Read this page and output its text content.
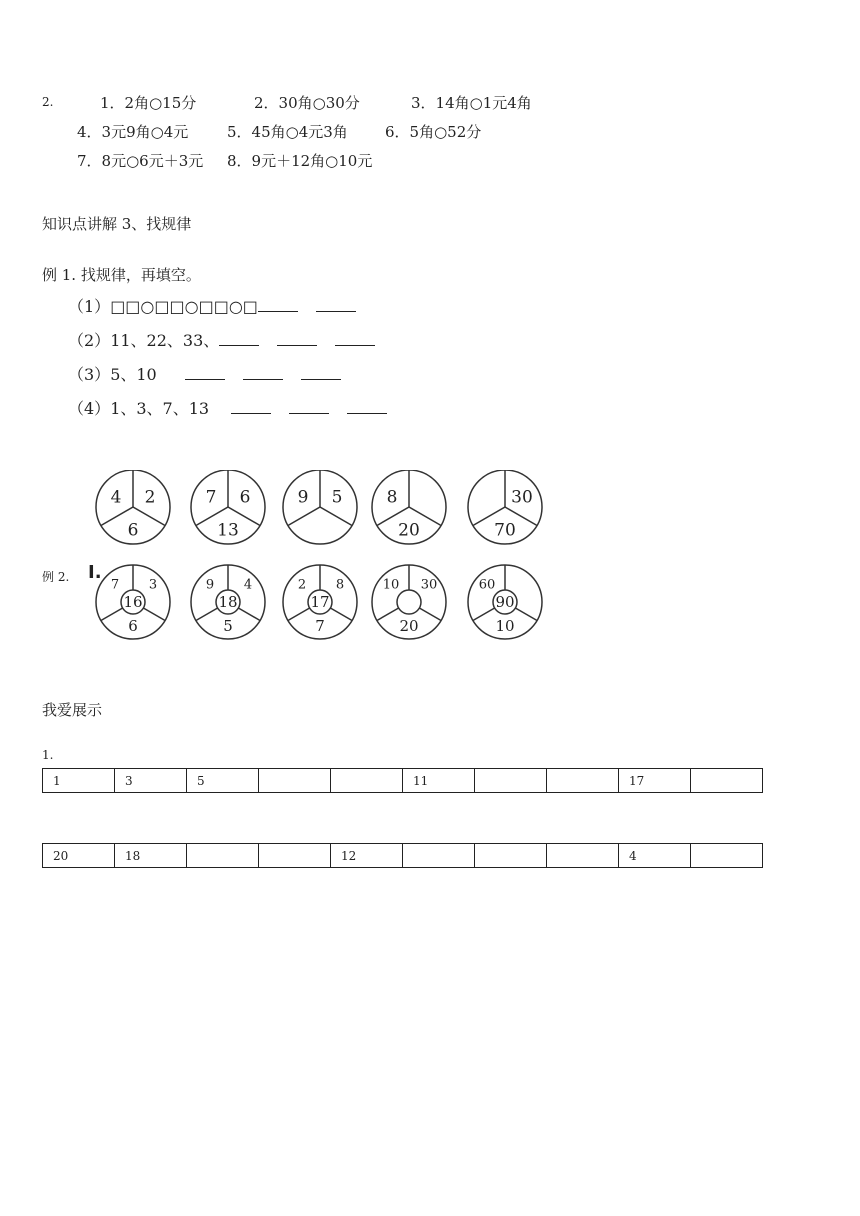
2.	1．2角○15分	2．30角○30分	3．14角○1元4角
4．3元9角○4元	5．45角○4元3角 6．5角○52分
7．8元○6元＋3元 8．9元＋12角○10元
知识点讲解 3、找规律
例 1. 找规律，再填空。
（1）□□○□□○□□○□
（2）11、22、33、
（3）5、10
（4）1、3、7、13
4 2
6
7 6
13
9 5	8
20
30
70
16
7 3
6
18
9 4
5
17
2 8
7
10 30
20
90
60
10
例 2. I.
我爱展示
1.
1	3	5			11			17	
20	18			12				4	
